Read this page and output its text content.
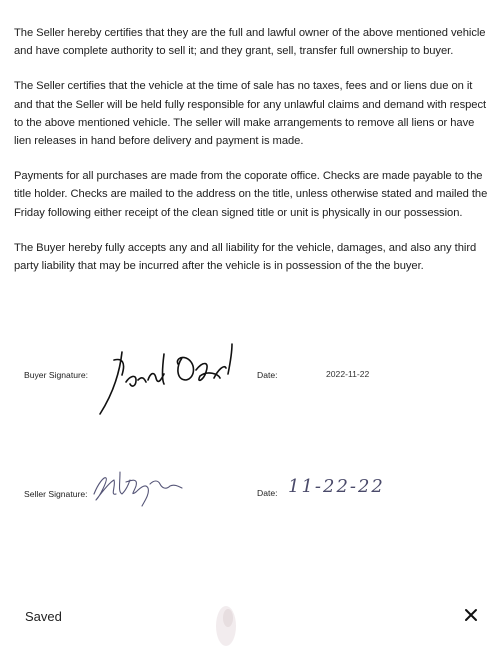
The Seller hereby certifies that they are the full and lawful owner of the above mentioned vehicle and have complete authority to sell it; and they grant, sell, transfer full ownership to buyer.

The Seller certifies that the vehicle at the time of sale has no taxes, fees and or liens due on it and that the Seller will be held fully responsible for any unlawful claims and demand with respect to the above mentioned vehicle. The seller will make arrangements to remove all liens or have lien releases in hand before delivery and payment is made.

Payments for all purchases are made from the coporate office. Checks are made payable to the title holder. Checks are mailed to the address on the title, unless otherwise stated and mailed the Friday following either receipt of the clean signed title or unit is physically in our possession.

The Buyer hereby fully accepts any and all liability for the vehicle, damages, and also any third party liability that may be incurred after the vehicle is in possession of the the buyer.

Buyer Signature:	Date:	2022-11-22
Seller Signature:	Date: 11-22-22
Saved
